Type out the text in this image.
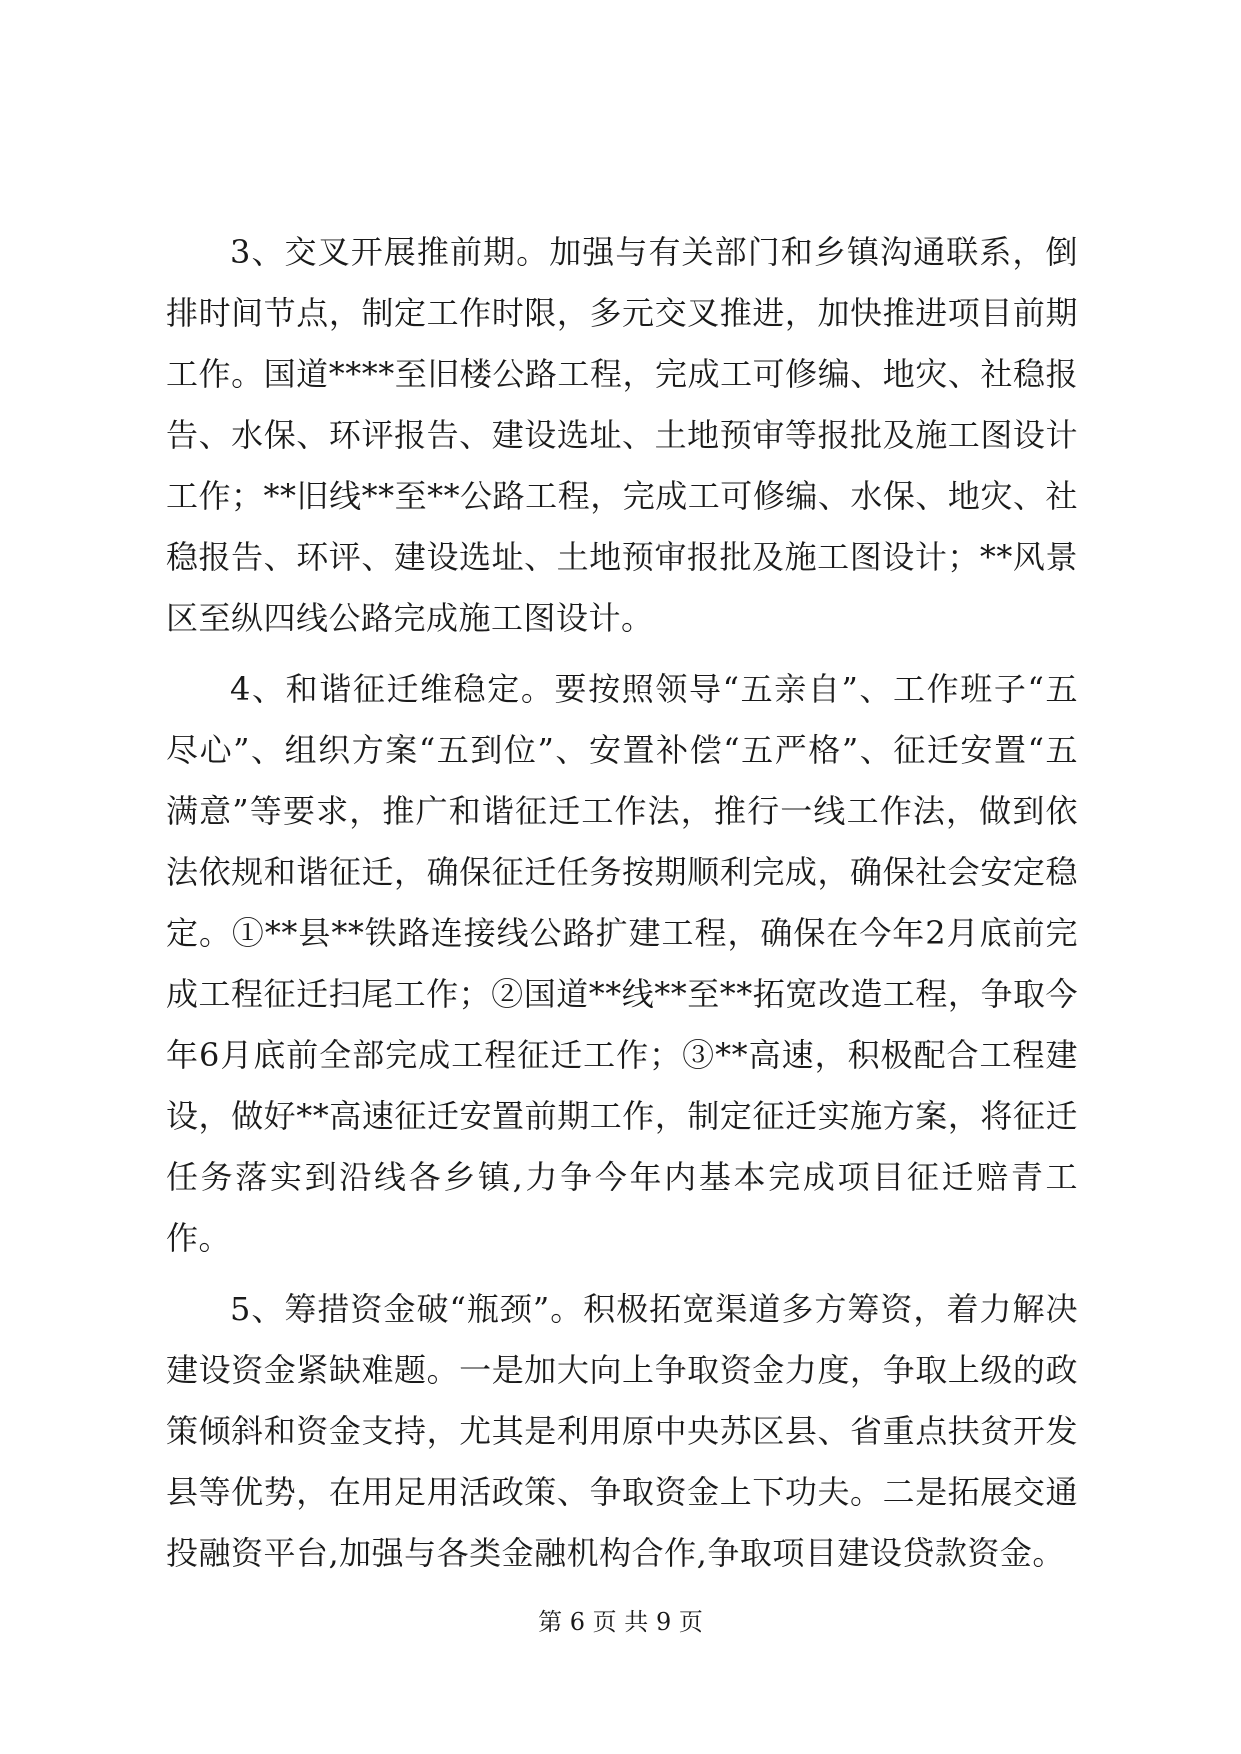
3、交叉开展推前期。加强与有关部门和乡镇沟通联系，倒排时间节点，制定工作时限，多元交叉推进，加快推进项目前期工作。国道****至旧楼公路工程，完成工可修编、地灾、社稳报告、水保、环评报告、建设选址、土地预审等报批及施工图设计工作；**旧线**至**公路工程，完成工可修编、水保、地灾、社稳报告、环评、建设选址、土地预审报批及施工图设计；**风景区至纵四线公路完成施工图设计。

4、和谐征迁维稳定。要按照领导“五亲自”、工作班子“五尽心”、组织方案“五到位”、安置补偿“五严格”、征迁安置“五满意”等要求，推广和谐征迁工作法，推行一线工作法，做到依法依规和谐征迁，确保征迁任务按期顺利完成，确保社会安定稳定。①**县**铁路连接线公路扩建工程，确保在今年2月底前完成工程征迁扫尾工作；②国道**线**至**拓宽改造工程，争取今年6月底前全部完成工程征迁工作；③**高速，积极配合工程建设，做好**高速征迁安置前期工作，制定征迁实施方案，将征迁任务落实到沿线各乡镇,力争今年内基本完成项目征迁赔青工作。

5、筹措资金破“瓶颈”。积极拓宽渠道多方筹资，着力解决建设资金紧缺难题。一是加大向上争取资金力度，争取上级的政策倾斜和资金支持，尤其是利用原中央苏区县、省重点扶贫开发县等优势，在用足用活政策、争取资金上下功夫。二是拓展交通投融资平台,加强与各类金融机构合作,争取项目建设贷款资金。

第 6 页 共 9 页
